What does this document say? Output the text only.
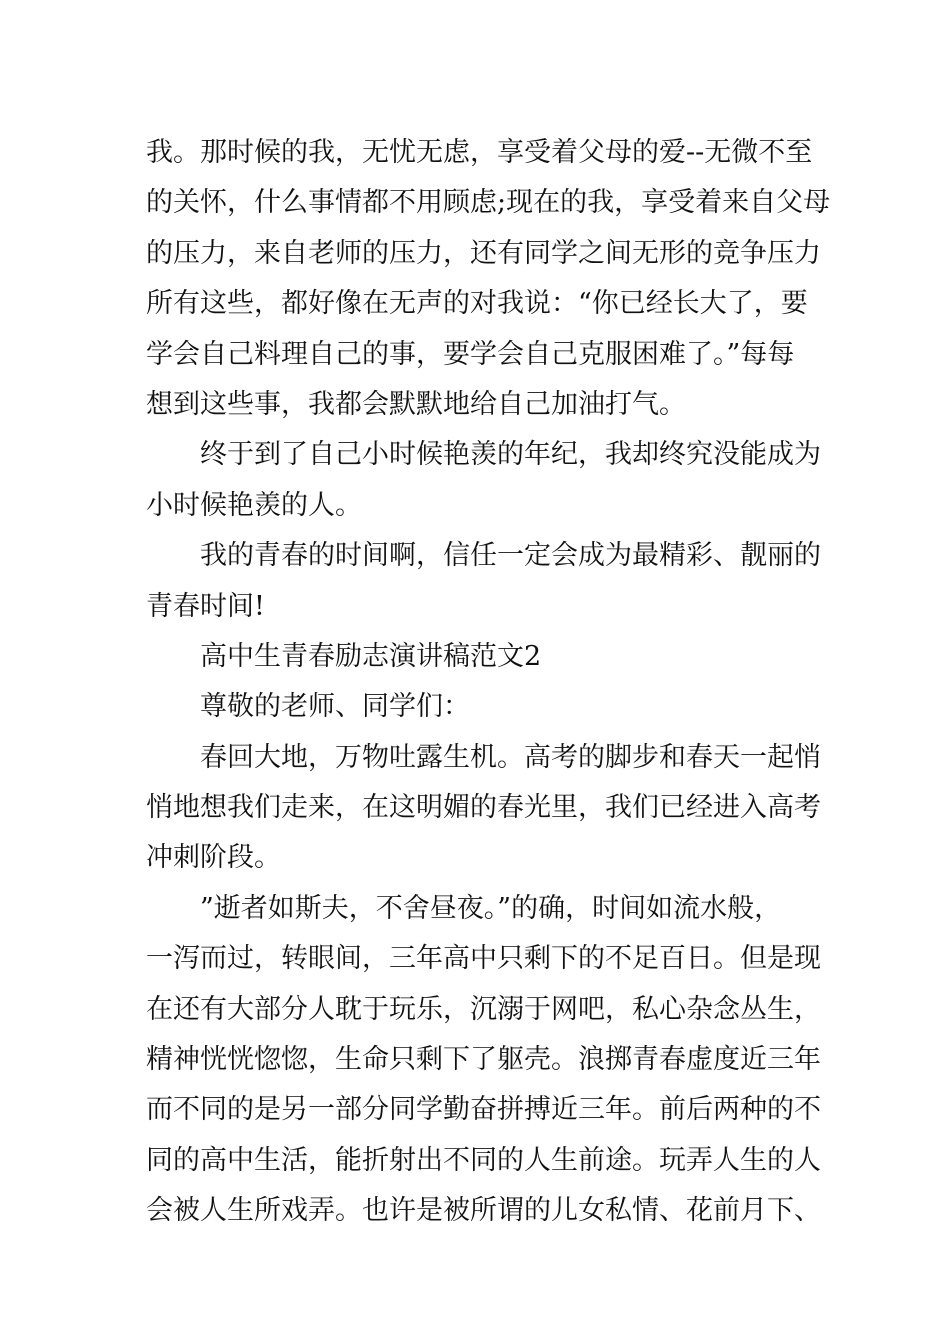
我。那时候的我，无忧无虑，享受着父母的爱--无微不至

的关怀，什么事情都不用顾虑;现在的我，享受着来自父母

的压力，来自老师的压力，还有同学之间无形的竞争压力

所有这些，都好像在无声的对我说：“你已经长大了，要

学会自己料理自己的事，要学会自己克服困难了。”每每

想到这些事，我都会默默地给自己加油打气。

终于到了自己小时候艳羡的年纪，我却终究没能成为

小时候艳羡的人。

我的青春的时间啊，信任一定会成为最精彩、靓丽的

青春时间!

高中生青春励志演讲稿范文2

尊敬的老师、同学们：

春回大地，万物吐露生机。高考的脚步和春天一起悄

悄地想我们走来，在这明媚的春光里，我们已经进入高考

冲刺阶段。

”逝者如斯夫，不舍昼夜。”的确，时间如流水般，

一泻而过，转眼间，三年高中只剩下的不足百日。但是现

在还有大部分人耽于玩乐，沉溺于网吧，私心杂念丛生，

精神恍恍惚惚，生命只剩下了躯壳。浪掷青春虚度近三年

而不同的是另一部分同学勤奋拼搏近三年。前后两种的不

同的高中生活，能折射出不同的人生前途。玩弄人生的人

会被人生所戏弄。也许是被所谓的儿女私情、花前月下、
